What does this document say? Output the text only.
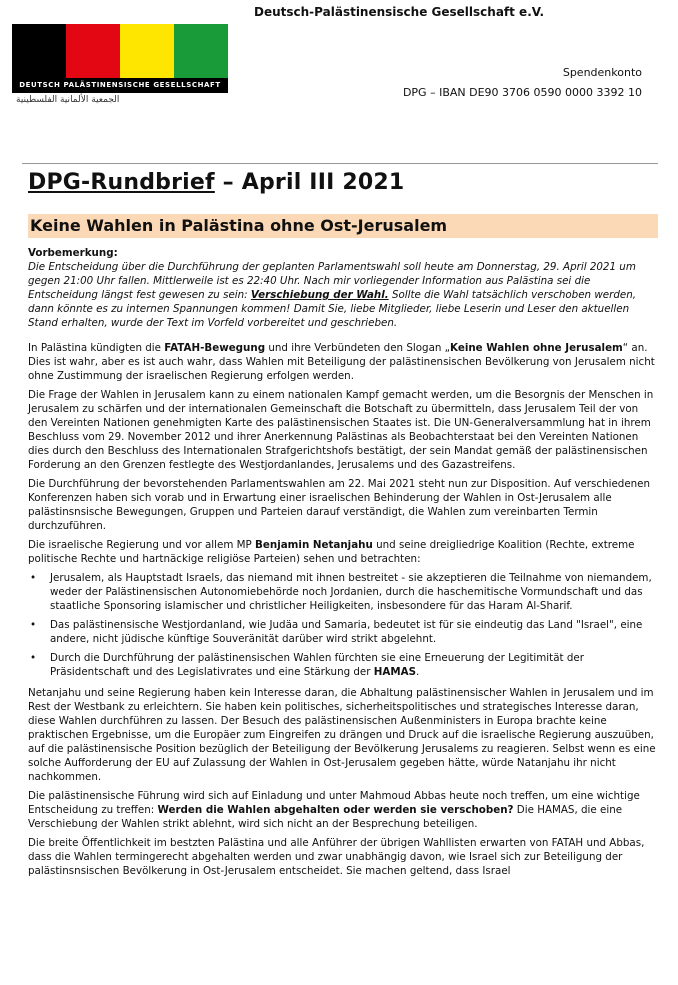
DEUTSCH PALÄSTINENSISCHE GESELLSCHAFT
الجمعية الألمانية الفلسطينية
Deutsch-Palästinensische Gesellschaft e.V.
Spendenkonto
DPG – IBAN DE90 3706 0590 0000 3392 10
DPG-Rundbrief – April III 2021
Keine Wahlen in Palästina ohne Ost-Jerusalem
Vorbemerkung:

Die Entscheidung über die Durchführung der geplanten Parlamentswahl soll heute am Donnerstag, 29. April 2021 um gegen 21:00 Uhr fallen. Mittlerweile ist es 22:40 Uhr. Nach mir vorliegender Information aus Palästina sei die Entscheidung längst fest gewesen zu sein: Verschiebung der Wahl. Sollte die Wahl tatsächlich verschoben werden, dann könnte es zu internen Spannungen kommen! Damit Sie, liebe Mitglieder, liebe Leserin und Leser den aktuellen Stand erhalten, wurde der Text im Vorfeld vorbereitet und geschrieben.

In Palästina kündigten die FATAH-Bewegung und ihre Verbündeten den Slogan „Keine Wahlen ohne Jerusalem“ an. Dies ist wahr, aber es ist auch wahr, dass Wahlen mit Beteiligung der palästinensischen Bevölkerung von Jerusalem nicht ohne Zustimmung der israelischen Regierung erfolgen werden.

Die Frage der Wahlen in Jerusalem kann zu einem nationalen Kampf gemacht werden, um die Besorgnis der Menschen in Jerusalem zu schärfen und der internationalen Gemeinschaft die Botschaft zu übermitteln, dass Jerusalem Teil der von den Vereinten Nationen genehmigten Karte des palästinensischen Staates ist. Die UN-Generalversammlung hat in ihrem Beschluss vom 29. November 2012 und ihrer Anerkennung Palästinas als Beobachterstaat bei den Vereinten Nationen dies durch den Beschluss des Internationalen Strafgerichtshofs bestätigt, der sein Mandat gemäß der palästinensischen Forderung an den Grenzen festlegte des Westjordanlandes, Jerusalems und des Gazastreifens.

Die Durchführung der bevorstehenden Parlamentswahlen am 22. Mai 2021 steht nun zur Disposition. Auf verschiedenen Konferenzen haben sich vorab und in Erwartung einer israelischen Behinderung der Wahlen in Ost-Jerusalem alle palästinsnsische Bewegungen, Gruppen und Parteien darauf verständigt, die Wahlen zum vereinbarten Termin durchzuführen.

Die israelische Regierung und vor allem MP Benjamin Netanjahu und seine dreigliedrige Koalition (Rechte, extreme politische Rechte und hartnäckige religiöse Parteien) sehen und betrachten:

• Jerusalem, als Hauptstadt Israels, das niemand mit ihnen bestreitet - sie akzeptieren die Teilnahme von niemandem, weder der Palästinensischen Autonomiebehörde noch Jordanien, durch die haschemitische Vormundschaft und das staatliche Sponsoring islamischer und christlicher Heiligkeiten, insbesondere für das Haram Al-Sharif.
• Das palästinensische Westjordanland, wie Judäa und Samaria, bedeutet ist für sie eindeutig das Land "Israel", eine andere, nicht jüdische künftige Souveränität darüber wird strikt abgelehnt.
• Durch die Durchführung der palästinensischen Wahlen fürchten sie eine Erneuerung der Legitimität der Präsidentschaft und des Legislativrates und eine Stärkung der HAMAS.

Netanjahu und seine Regierung haben kein Interesse daran, die Abhaltung palästinensischer Wahlen in Jerusalem und im Rest der Westbank zu erleichtern. Sie haben kein politisches, sicherheitspolitisches und strategisches Interesse daran, diese Wahlen durchführen zu lassen. Der Besuch des palästinensischen Außenministers in Europa brachte keine praktischen Ergebnisse, um die Europäer zum Eingreifen zu drängen und Druck auf die israelische Regierung auszuüben, auf die palästinensische Position bezüglich der Beteiligung der Bevölkerung Jerusalems zu reagieren. Selbst wenn es eine solche Aufforderung der EU auf Zulassung der Wahlen in Ost-Jerusalem gegeben hätte, würde Natanjahu ihr nicht nachkommen.

Die palästinensische Führung wird sich auf Einladung und unter Mahmoud Abbas heute noch treffen, um eine wichtige Entscheidung zu treffen: Werden die Wahlen abgehalten oder werden sie verschoben? Die HAMAS, die eine Verschiebung der Wahlen strikt ablehnt, wird sich nicht an der Besprechung beteiligen.

Die breite Öffentlichkeit im bestzten Palästina und alle Anführer der übrigen Wahllisten erwarten von FATAH und Abbas, dass die Wahlen termingerecht abgehalten werden und zwar unabhängig davon, wie Israel sich zur Beteiligung der palästinsnsischen Bevölkerung in Ost-Jerusalem entscheidet. Sie machen geltend, dass Israel
